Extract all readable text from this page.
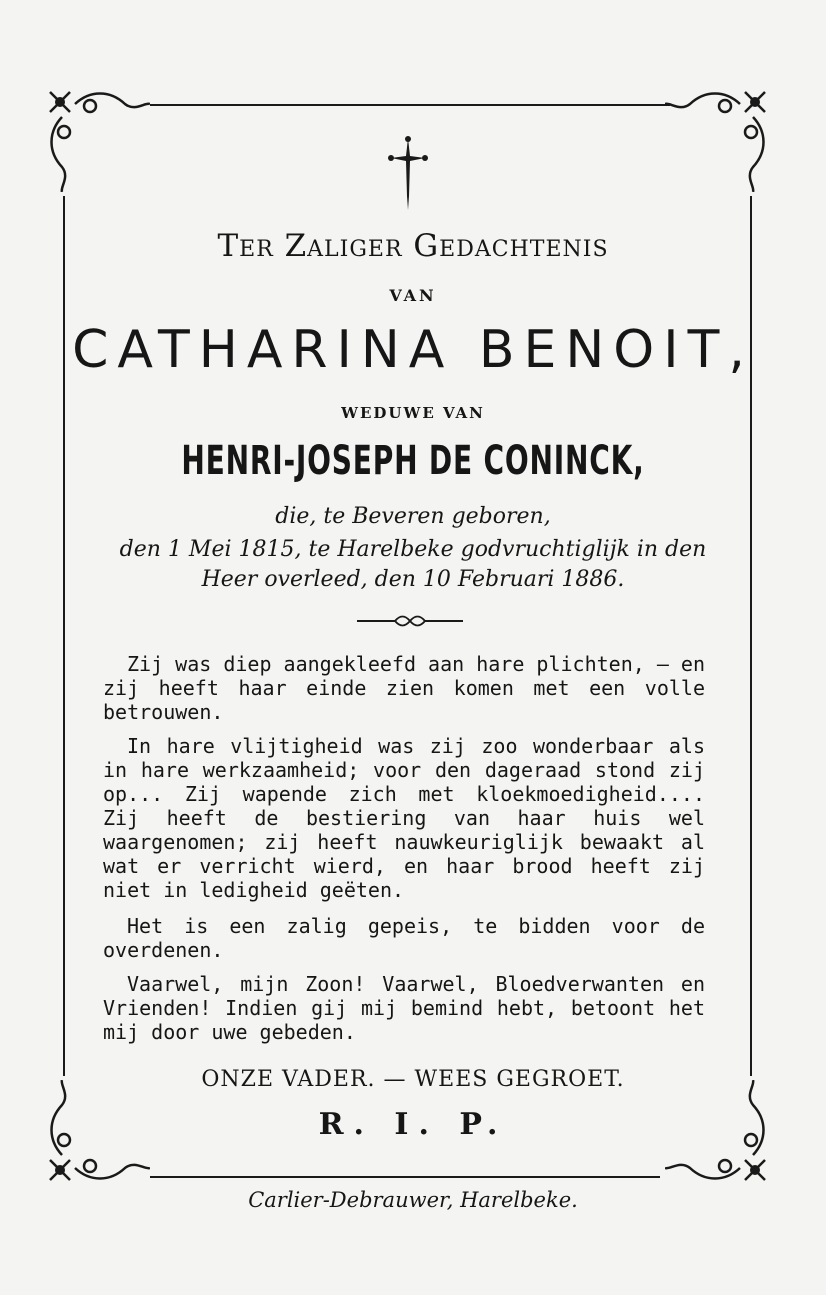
Ter Zaliger Gedachtenis
VAN
CATHARINA BENOIT,
WEDUWE VAN
HENRI-JOSEPH DE CONINCK,
die, te Beveren geboren,
den 1 Mei 1815, te Harelbeke godvruchtiglijk in den
Heer overleed, den 10 Februari 1886.

Zij was diep aangekleefd aan hare plichten, — en zij heeft haar einde zien komen met een volle betrouwen.

In hare vlijtigheid was zij zoo wonderbaar als in hare werkzaamheid; voor den dageraad stond zij op... Zij wapende zich met kloekmoedigheid.... Zij heeft de bestiering van haar huis wel waargenomen; zij heeft nauwkeuriglijk bewaakt al wat er verricht wierd, en haar brood heeft zij niet in ledigheid geëten.

Het is een zalig gepeis, te bidden voor de overdenen.

Vaarwel, mijn Zoon! Vaarwel, Bloedverwanten en Vrienden! Indien gij mij bemind hebt, betoont het mij door uwe gebeden.

ONZE VADER. — WEES GEGROET.
R. I. P.
Carlier-Debrauwer, Harelbeke.
